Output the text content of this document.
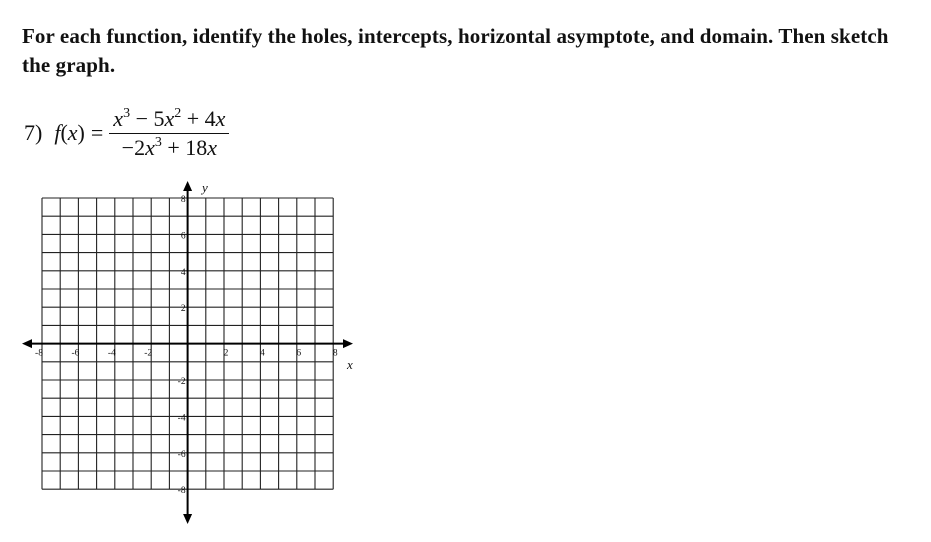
For each function, identify the holes, intercepts, horizontal asymptote, and domain. Then sketch the graph.
7) $f(x) = \frac{x^3 - 5x^2 + 4x}{-2x^3 + 18x}$
-8	-6	-4	-2	2	4	6	8
8
6
4
2
-2
-4
-6
-8
x
y
